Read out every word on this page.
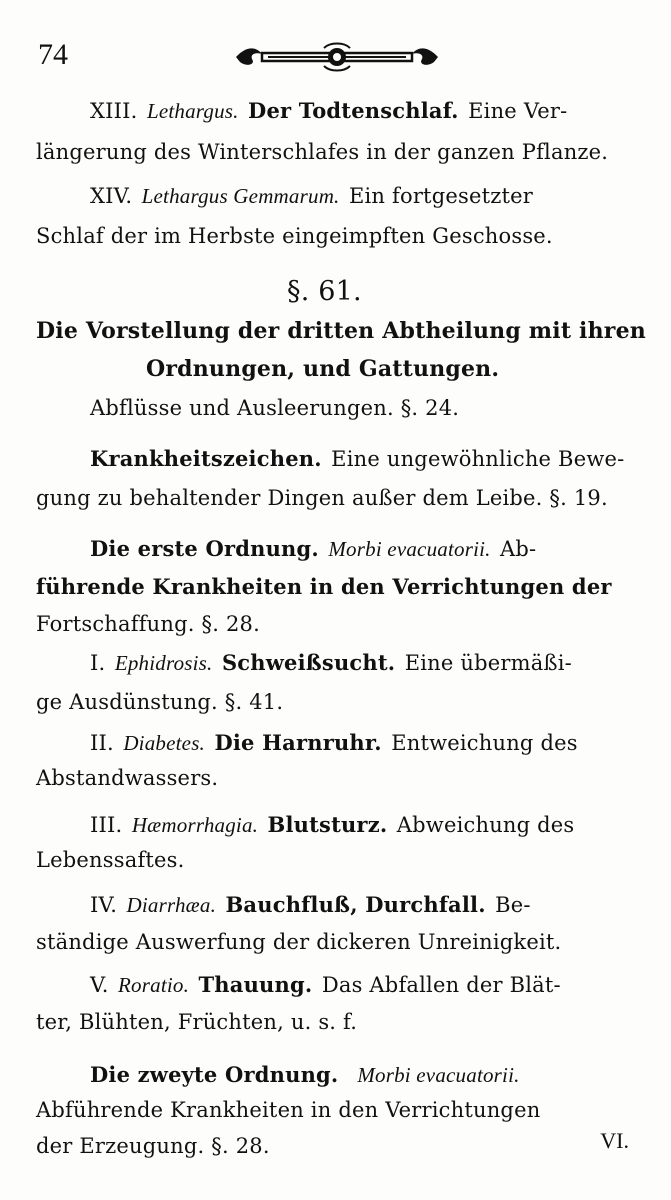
74
XIII. Lethargus. Der Todtenschlaf. Eine Ver-
längerung des Winterschlafes in der ganzen Pflanze.
XIV. Lethargus Gemmarum. Ein fortgesetzter
Schlaf der im Herbste eingeimpften Geschosse.
§. 61.
Die Vorstellung der dritten Abtheilung mit ihren
Ordnungen, und Gattungen.
Abflüsse und Ausleerungen. §. 24.
Krankheitszeichen. Eine ungewöhnliche Bewe-
gung zu behaltender Dingen außer dem Leibe. §. 19.
Die erste Ordnung. Morbi evacuatorii. Ab-
führende Krankheiten in den Verrichtungen der
Fortschaffung. §. 28.
I. Ephidrosis. Schweißsucht. Eine übermäßi-
ge Ausdünstung. §. 41.
II. Diabetes. Die Harnruhr. Entweichung des
Abstandwassers.
III. Hæmorrhagia. Blutsturz. Abweichung des
Lebenssaftes.
IV. Diarrhæa. Bauchfluß, Durchfall. Be-
ständige Auswerfung der dickeren Unreinigkeit.
V. Roratio. Thauung. Das Abfallen der Blät-
ter, Blühten, Früchten, u. s. f.
Die zweyte Ordnung. Morbi evacuatorii.
Abführende Krankheiten in den Verrichtungen
der Erzeugung. §. 28.	VI.
